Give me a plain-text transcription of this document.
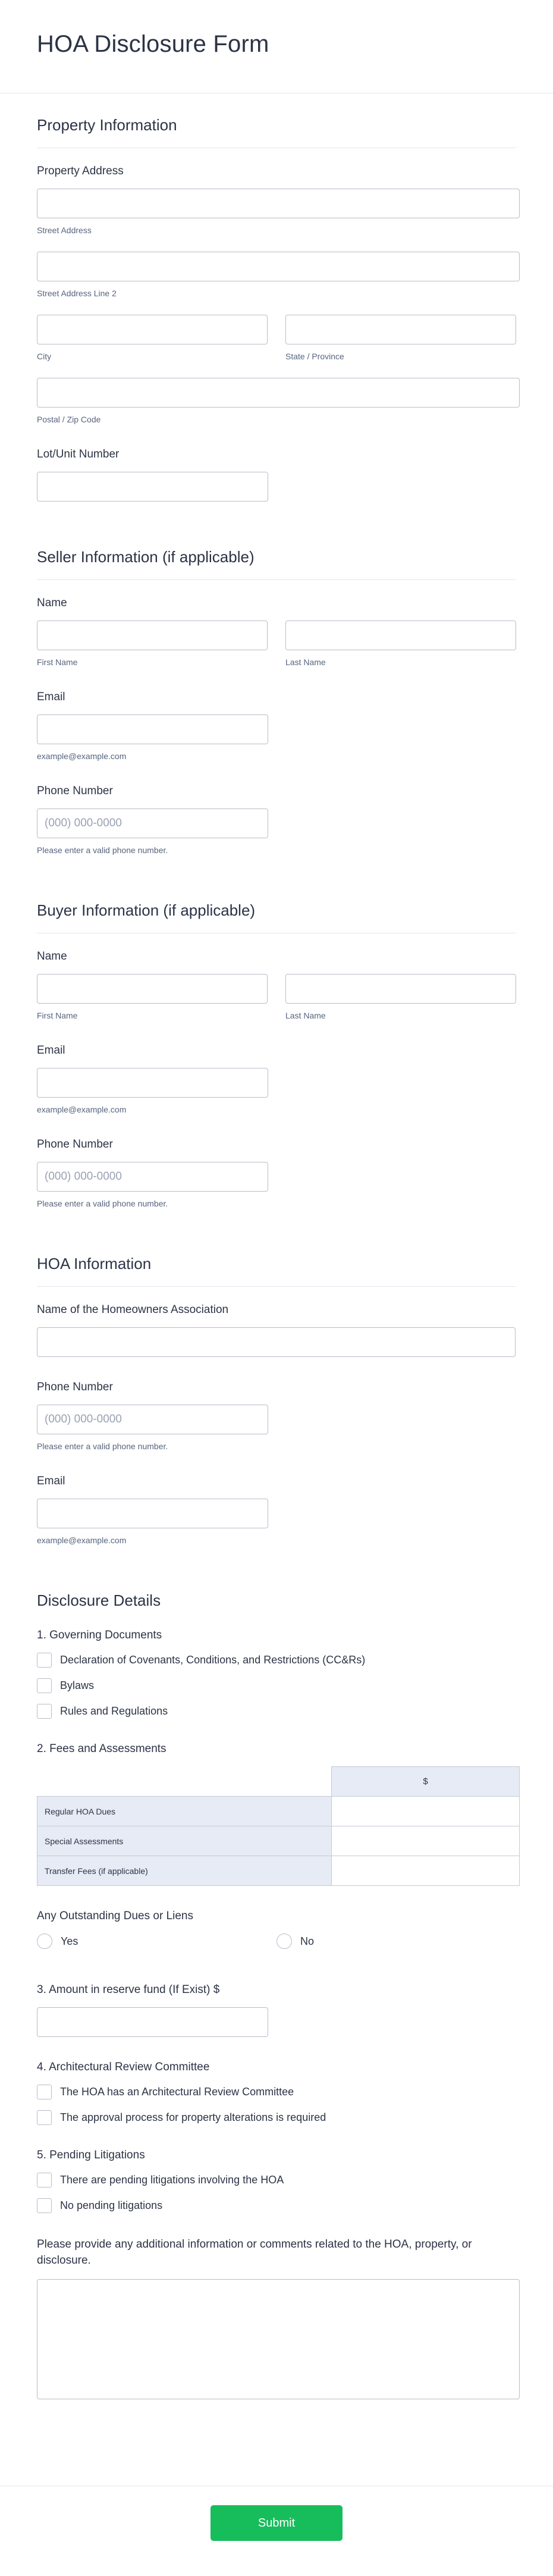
HOA Disclosure Form
Property Information
Property Address
Street Address
Street Address Line 2
City	State / Province
Postal / Zip Code
Lot/Unit Number
Seller Information (if applicable)
Name
First Name	Last Name
Email
example@example.com
Phone Number
(000) 000-0000
Please enter a valid phone number.
Buyer Information (if applicable)
Name
First Name	Last Name
Email
example@example.com
Phone Number
(000) 000-0000
Please enter a valid phone number.
HOA Information
Name of the Homeowners Association
Phone Number
(000) 000-0000
Please enter a valid phone number.
Email
example@example.com
Disclosure Details
1. Governing Documents
Declaration of Covenants, Conditions, and Restrictions (CC&Rs)
Bylaws
Rules and Regulations
2. Fees and Assessments
	$
Regular HOA Dues	
Special Assessments	
Transfer Fees (if applicable)	
Any Outstanding Dues or Liens
Yes	No
3. Amount in reserve fund (If Exist) $
4. Architectural Review Committee
The HOA has an Architectural Review Committee
The approval process for property alterations is required
5. Pending Litigations
There are pending litigations involving the HOA
No pending litigations
Please provide any additional information or comments related to the HOA, property, or disclosure.
Submit
